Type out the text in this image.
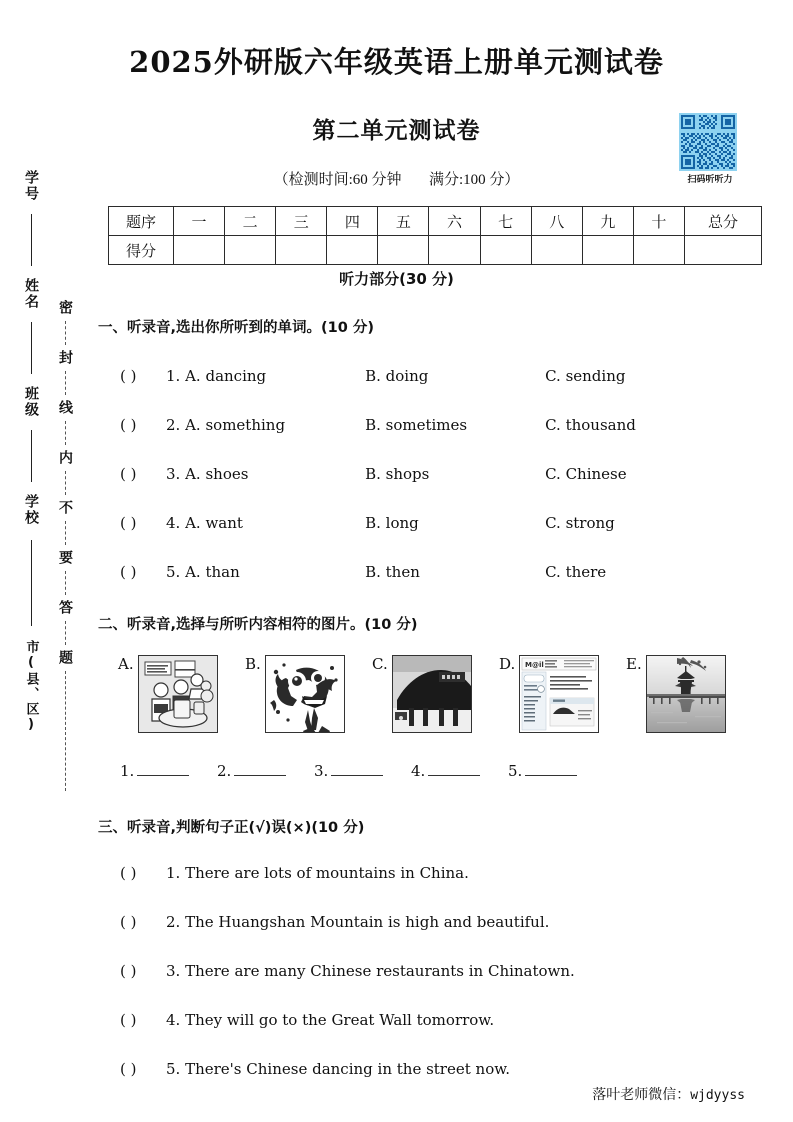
学号
姓名
班级
学校
市(县、区)
密
封
线
内
不
要
答
题
2025外研版六年级英语上册单元测试卷
第二单元测试卷
（检测时间:60 分钟 满分:100 分）	扫码听听力
题序	一	二	三	四	五	六	七	八	九	十	总分
得分											
听力部分(30 分)
一、听录音,选出你所听到的单词。(10 分)
( ) 1. A. dancing	B. doing	C. sending
( ) 2. A. something	B. sometimes	C. thousand
( ) 3. A. shoes	B. shops	C. Chinese
( ) 4. A. want	B. long	C. strong
( ) 5. A. than	B. then	C. there
二、听录音,选择与所听内容相符的图片。(10 分)
A.	B.	C.	D. M@il	E.
1.	2.	3.	4.	5.
三、听录音,判断句子正(√)误(×)(10 分)
( ) 1. There are lots of mountains in China.
( ) 2. The Huangshan Mountain is high and beautiful.
( ) 3. There are many Chinese restaurants in Chinatown.
( ) 4. They will go to the Great Wall tomorrow.
( ) 5. There's Chinese dancing in the street now.
落叶老师微信：wjdyyss
